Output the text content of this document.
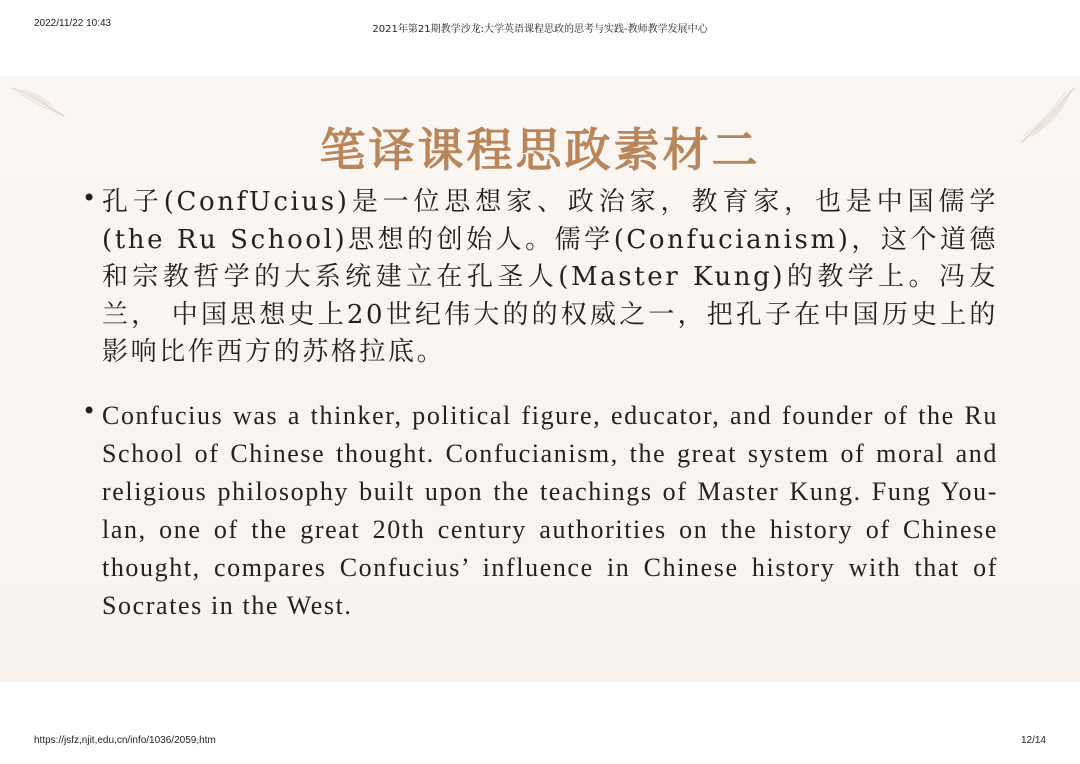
2022/11/22 10:43
2021年第21期教学沙龙:大学英语课程思政的思考与实践-教师教学发展中心
笔译课程思政素材二
• 孔子(ConfUcius)是一位思想家、政治家，教育家，也是中国儒学(the Ru School)思想的创始人。儒学(Confucianism)，这个道德和宗教哲学的大系统建立在孔圣人(Master Kung)的教学上。冯友兰， 中国思想史上20世纪伟大的的权威之一，把孔子在中国历史上的影响比作西方的苏格拉底。
• Confucius was a thinker, political figure, educator, and founder of the Ru School of Chinese thought. Confucianism, the great system of moral and religious philosophy built upon the teachings of Master Kung. Fung You-lan, one of the great 20th century authorities on the history of Chinese thought, compares Confucius’ influence in Chinese history with that of Socrates in the West.
https://jsfz,njit,edu,cn/info/1036/2059,htm	12/14
